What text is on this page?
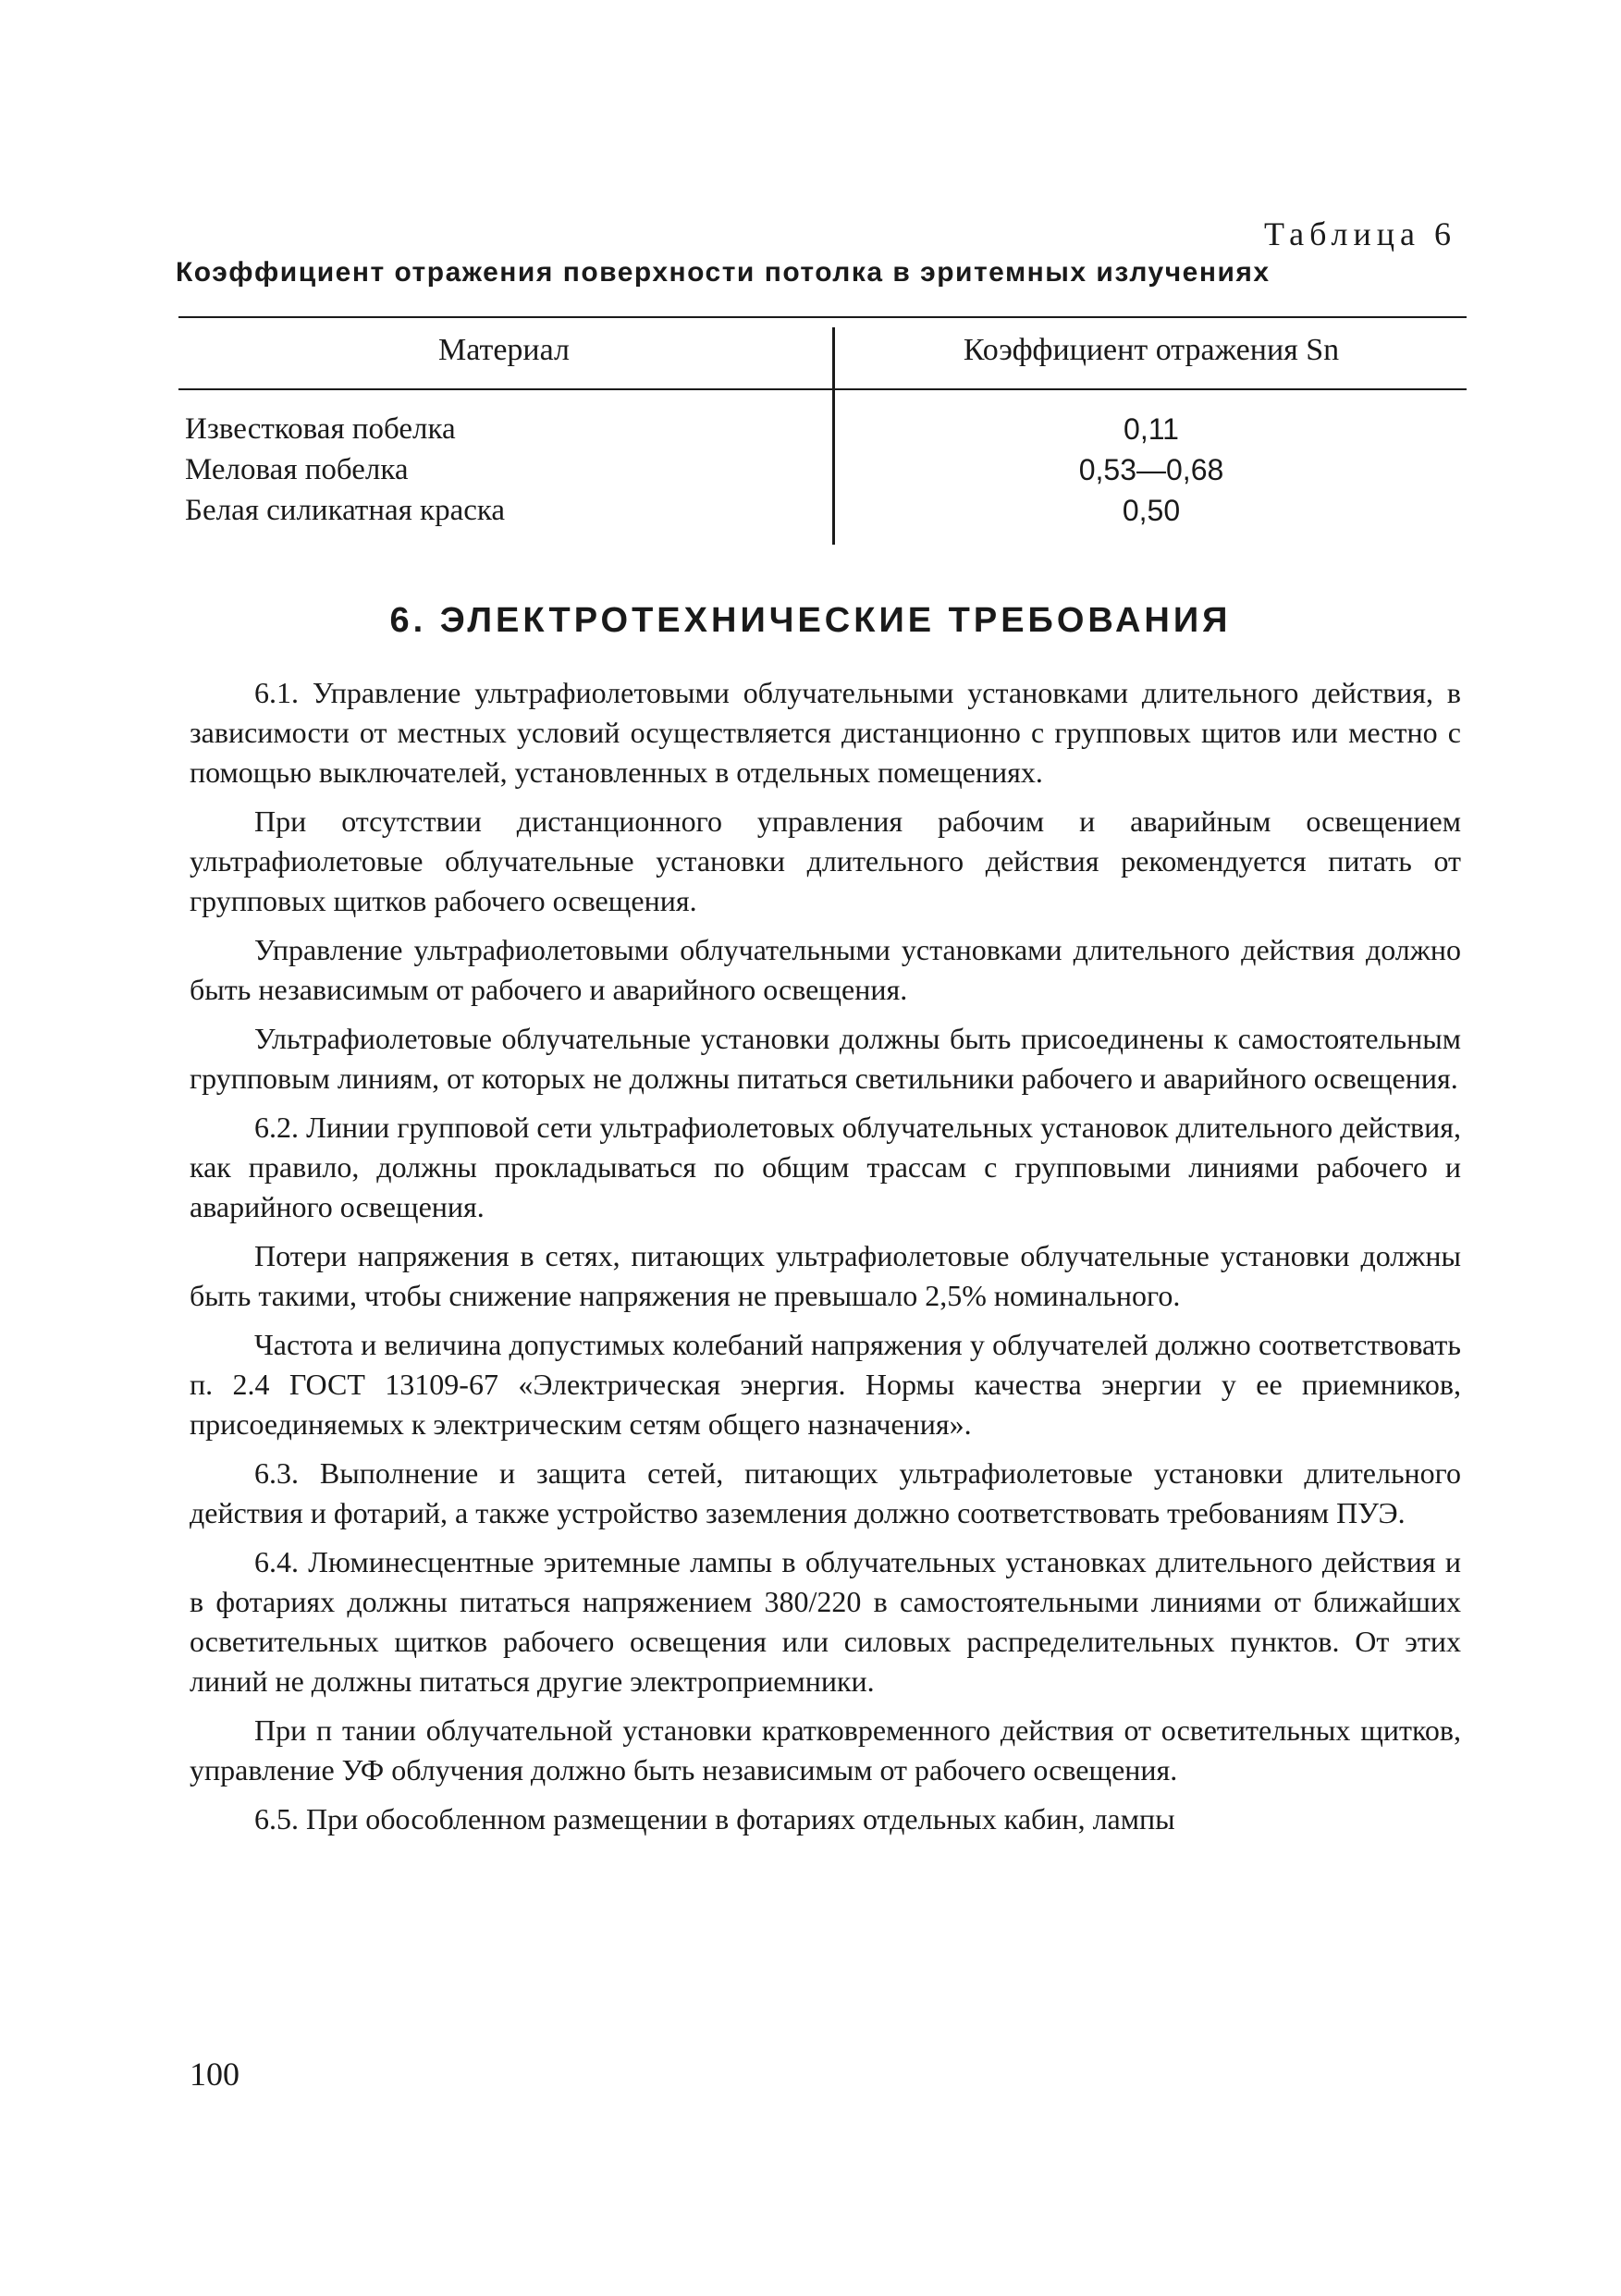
Таблица 6
Коэффициент отражения поверхности потолка в эритемных излучениях
Материал	Коэффициент отражения Sn
Известковая побелка	0,11
Меловая побелка	0,53—0,68
Белая силикатная краска	0,50
6. ЭЛЕКТРОТЕХНИЧЕСКИЕ ТРЕБОВАНИЯ

6.1. Управление ультрафиолетовыми облучательными установками длительного действия, в зависимости от местных условий осуществляется дистанционно с групповых щитов или местно с помощью выключателей, установленных в отдельных помещениях.

При отсутствии дистанционного управления рабочим и аварийным освещением ультрафиолетовые облучательные установки длительного действия рекомендуется питать от групповых щитков рабочего освещения.

Управление ультрафиолетовыми облучательными установками длительного действия должно быть независимым от рабочего и аварийного освещения.

Ультрафиолетовые облучательные установки должны быть присоединены к самостоятельным групповым линиям, от которых не должны питаться светильники рабочего и аварийного освещения.

6.2. Линии групповой сети ультрафиолетовых облучательных установок длительного действия, как правило, должны прокладываться по общим трассам с групповыми линиями рабочего и аварийного освещения.

Потери напряжения в сетях, питающих ультрафиолетовые облучательные установки должны быть такими, чтобы снижение напряжения не превышало 2,5% номинального.

Частота и величина допустимых колебаний напряжения у облучателей должно соответствовать п. 2.4 ГОСТ 13109-67 «Электрическая энергия. Нормы качества энергии у ее приемников, присоединяемых к электрическим сетям общего назначения».

6.3. Выполнение и защита сетей, питающих ультрафиолетовые установки длительного действия и фотарий, а также устройство заземления должно соответствовать требованиям ПУЭ.

6.4. Люминесцентные эритемные лампы в облучательных установках длительного действия и в фотариях должны питаться напряжением 380/220 в самостоятельными линиями от ближайших осветительных щитков рабочего освещения или силовых распределительных пунктов. От этих линий не должны питаться другие электроприемники.

При п тании облучательной установки кратковременного действия от осветительных щитков, управление УФ облучения должно быть независимым от рабочего освещения.

6.5. При обособленном размещении в фотариях отдельных кабин, лампы

100
